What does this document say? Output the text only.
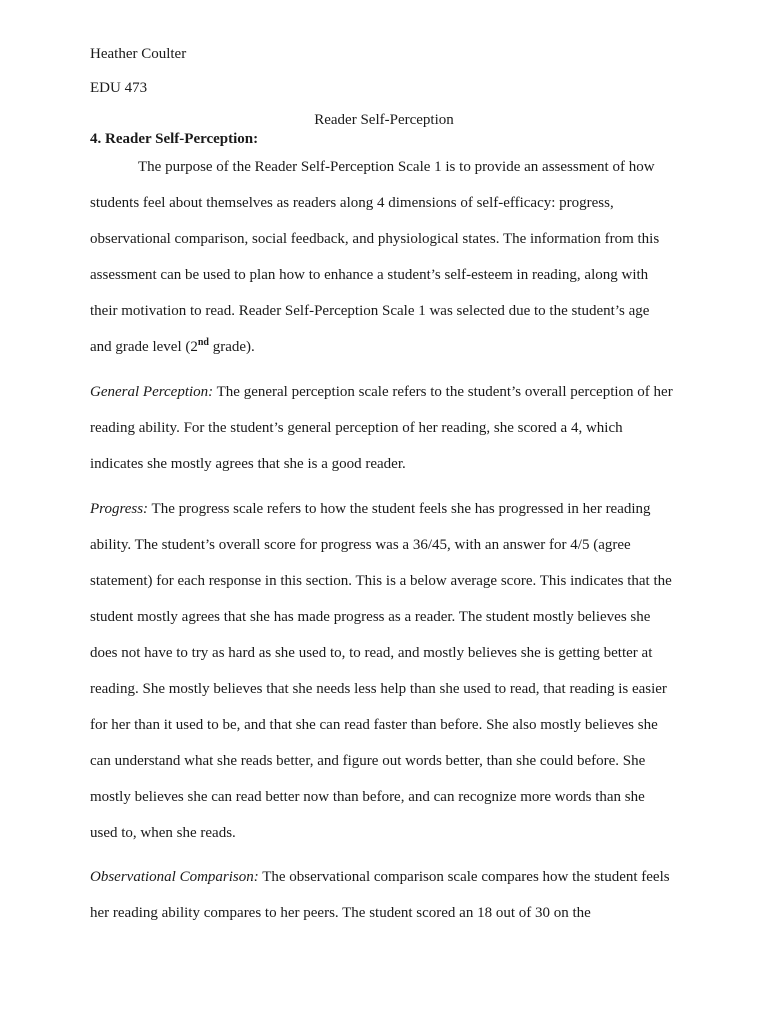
Heather Coulter
EDU 473
Reader Self-Perception
4. Reader Self-Perception:
The purpose of the Reader Self-Perception Scale 1 is to provide an assessment of how
students feel about themselves as readers along 4 dimensions of self-efficacy: progress,
observational comparison, social feedback, and physiological states. The information from this
assessment can be used to plan how to enhance a student’s self-esteem in reading, along with
their motivation to read. Reader Self-Perception Scale 1 was selected due to the student’s age
and grade level (2nd grade).
General Perception: The general perception scale refers to the student’s overall perception of her
reading ability. For the student’s general perception of her reading, she scored a 4, which
indicates she mostly agrees that she is a good reader.
Progress: The progress scale refers to how the student feels she has progressed in her reading
ability. The student’s overall score for progress was a 36/45, with an answer for 4/5 (agree
statement) for each response in this section. This is a below average score. This indicates that the
student mostly agrees that she has made progress as a reader. The student mostly believes she
does not have to try as hard as she used to, to read, and mostly believes she is getting better at
reading. She mostly believes that she needs less help than she used to read, that reading is easier
for her than it used to be, and that she can read faster than before. She also mostly believes she
can understand what she reads better, and figure out words better, than she could before. She
mostly believes she can read better now than before, and can recognize more words than she
used to, when she reads.
Observational Comparison: The observational comparison scale compares how the student feels
her reading ability compares to her peers. The student scored an 18 out of 30 on the
